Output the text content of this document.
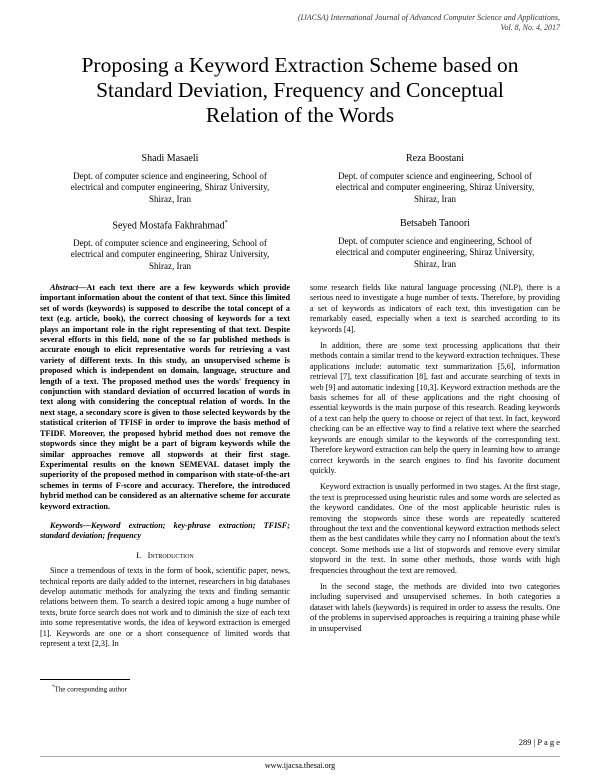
(IJACSA) International Journal of Advanced Computer Science and Applications,
Vol. 8, No. 4, 2017
Proposing a Keyword Extraction Scheme based on
Standard Deviation, Frequency and Conceptual
Relation of the Words
Shadi Masaeli
Dept. of computer science and engineering, School of
electrical and computer engineering, Shiraz University,
Shiraz, Iran
Reza Boostani
Dept. of computer science and engineering, School of
electrical and computer engineering, Shiraz University,
Shiraz, Iran
Seyed Mostafa Fakhrahmad*
Dept. of computer science and engineering, School of
electrical and computer engineering, Shiraz University,
Shiraz, Iran
Betsabeh Tanoori
Dept. of computer science and engineering, School of
electrical and computer engineering, Shiraz University,
Shiraz, Iran

Abstract—At each text there are a few keywords which provide important information about the content of that text. Since this limited set of words (keywords) is supposed to describe the total concept of a text (e.g. article, book), the correct choosing of keywords for a text plays an important role in the right representing of that text. Despite several efforts in this field, none of the so far published methods is accurate enough to elicit representative words for retrieving a vast variety of different texts. In this study, an unsupervised scheme is proposed which is independent on domain, language, structure and length of a text. The proposed method uses the words' frequency in conjunction with standard deviation of occurred location of words in text along with considering the conceptual relation of words. In the next stage, a secondary score is given to those selected keywords by the statistical criterion of TFISF in order to improve the basis method of TFIDF. Moreover, the proposed hybrid method does not remove the stopwords since they might be a part of bigram keywords while the similar approaches remove all stopwords at their first stage. Experimental results on the known SEMEVAL dataset imply the superiority of the proposed method in comparison with state-of-the-art schemes in terms of F-score and accuracy. Therefore, the introduced hybrid method can be considered as an alternative scheme for accurate keyword extraction.

Keywords—Keyword extraction; key-phrase extraction; TFISF; standard deviation; frequency

I. Introduction

Since a tremendous of texts in the form of book, scientific paper, news, technical reports are daily added to the internet, researchers in big databases develop automatic methods for analyzing the texts and finding semantic relations between them. To search a desired topic among a huge number of texts, brute force search does not work and to diminish the size of each text into some representative words, the idea of keyword extraction is emerged [1]. Keywords are one or a short consequence of limited words that represent a text [2,3]. In

some research fields like natural language processing (NLP), there is a serious need to investigate a huge number of texts. Therefore, by providing a set of keywords as indicators of each text, this investigation can be remarkably eased, especially when a text is searched according to its keywords [4].

In addition, there are some text processing applications that their methods contain a similar trend to the keyword extraction techniques. These applications include: automatic text summarization [5,6], information retrieval [7], text classification [8], fast and accurate searching of texts in web [9] and automatic indexing [10,3]. Keyword extraction methods are the basis schemes for all of these applications and the right choosing of essential keywords is the main purpose of this research. Reading keywords of a text can help the query to choose or reject of that text. In fact, keyword checking can be an effective way to find a relative text where the searched keywords are enough similar to the keywords of the corresponding text. Therefore keyword extraction can help the query in learning how to arrange correct keywords in the search engines to find his favorite document quickly.

Keyword extraction is usually performed in two stages. At the first stage, the text is preprocessed using heuristic rules and some words are selected as the keyword candidates. One of the most applicable heuristic rules is removing the stopwords since these words are repeatedly scattered throughout the text and the conventional keyword extraction methods select them as the best candidates while they carry no I nformation about the text's concept. Some methods use a list of stopwords and remove every similar stopword in the text. In some other methods, those words with high frequencies throughout the text are removed.

In the second stage, the methods are divided into two categories including supervised and unsupervised schemes. In both categories a dataset with labels (keywords) is required in order to assess the results. One of the problems in supervised approaches is requiring a training phase while in unsupervised

*The corresponding author
289 | P a g e
www.ijacsa.thesai.org
